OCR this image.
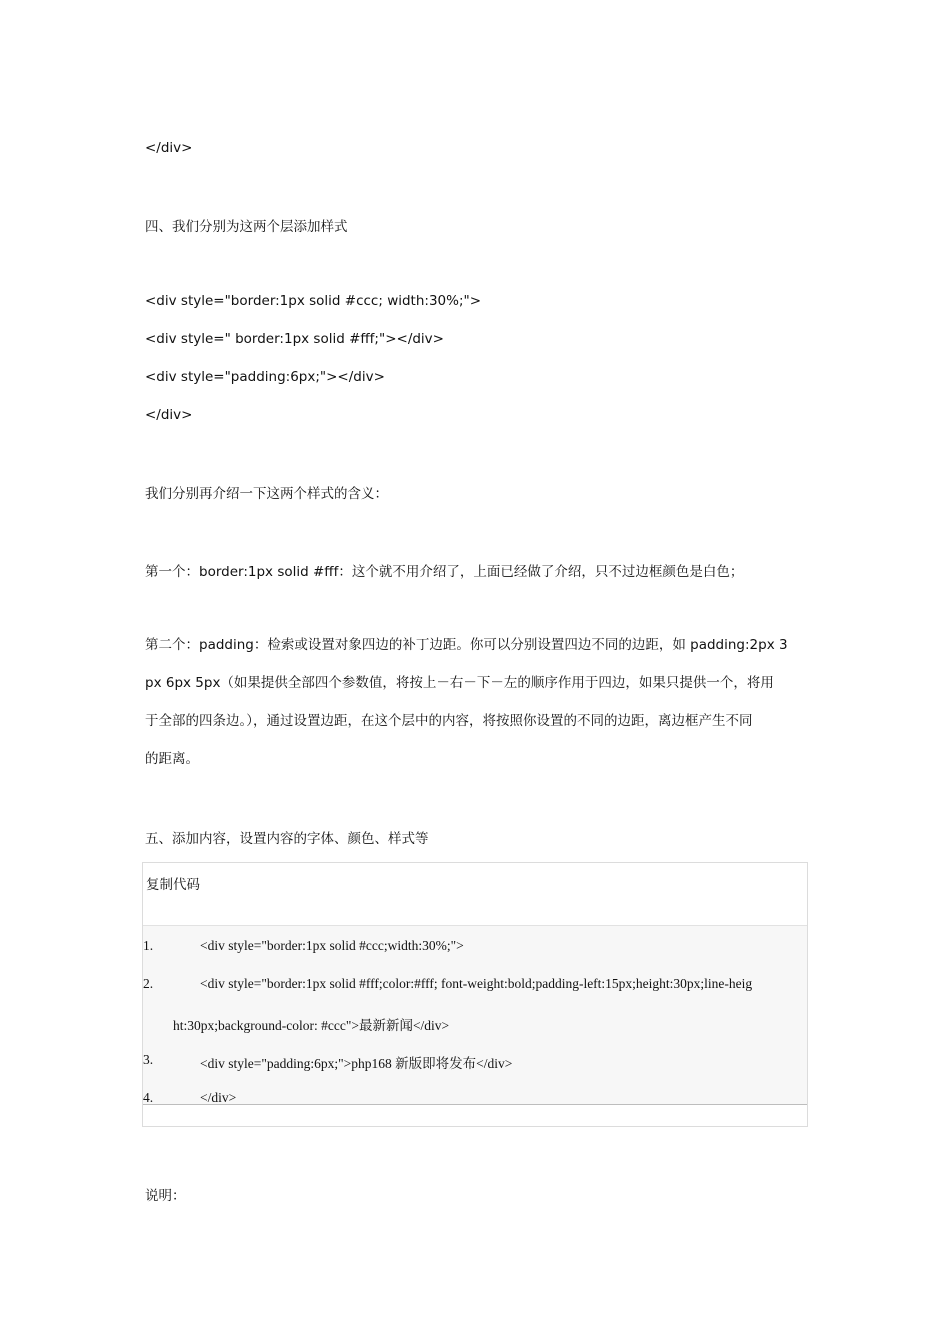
</div>
四、我们分别为这两个层添加样式
<div style="border:1px solid #ccc; width:30%;">
<div style=" border:1px solid #fff;"></div>
<div style="padding:6px;"></div>
</div>
我们分别再介绍一下这两个样式的含义：
第一个：border:1px solid #fff：这个就不用介绍了，上面已经做了介绍，只不过边框颜色是白色；
第二个：padding：检索或设置对象四边的补丁边距。你可以分别设置四边不同的边距，如 padding:2px 3
px 6px 5px（如果提供全部四个参数值，将按上－右－下－左的顺序作用于四边，如果只提供一个，将用
于全部的四条边。），通过设置边距，在这个层中的内容，将按照你设置的不同的边距，离边框产生不同
的距离。
五、添加内容，设置内容的字体、颜色、样式等
复制代码
1.	<div style="border:1px solid #ccc;width:30%;">
2.	<div style="border:1px solid #fff;color:#fff; font-weight:bold;padding-left:15px;height:30px;line-heig
ht:30px;background-color: #ccc">最新新闻</div>
3.	<div style="padding:6px;">php168 新版即将发布</div>
4.	</div>
说明：
